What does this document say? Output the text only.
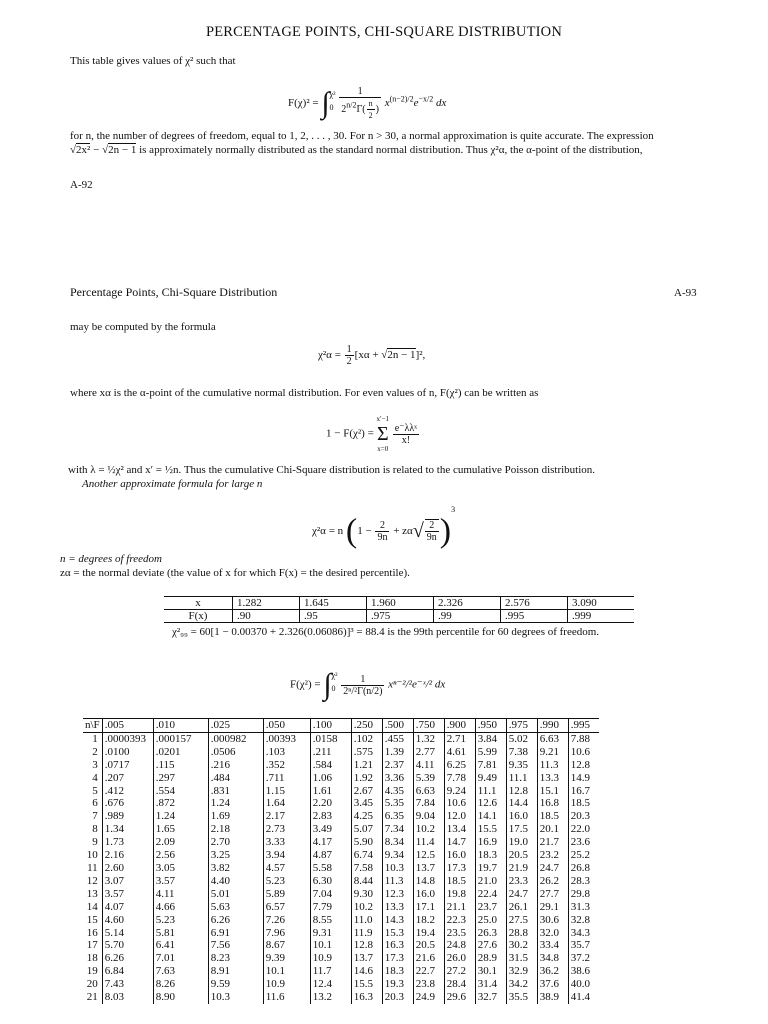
PERCENTAGE POINTS, CHI-SQUARE DISTRIBUTION
This table gives values of χ² such that
F(χ)² = ∫ χ²
0
$\frac{1}{2^{n/2}\Gamma( \frac{n}{2} )} x^{(n-2)/2}e^{-x/2}$ dx
for n, the number of degrees of freedom, equal to 1, 2, . . . , 30. For n > 30, a normal approximation is quite accurate. The expression
√2x² − √2n − 1 is approximately normally distributed as the standard normal distribution. Thus χ²α, the α-point of the distribution,
A-92
Percentage Points, Chi-Square Distribution	A-93
may be computed by the formula
$\chi^2\alpha = \frac{1}{2} [x\alpha + √2n - 1]^2$,
where xα is the α-point of the cumulative normal distribution. For even values of n, F(χ²) can be written as
1 − F(χ²) =
x′−1
Σ
x=0

$\frac{\text{e⁻λλˣ}}{x!}$
with λ = ½χ² and x′ = ½n. Thus the cumulative Chi-Square distribution is related to the cumulative Poisson distribution.
Another approximate formula for large n
χ²α = n $(1 - \frac{2}{9n} + z\alpha√ \frac{2}{9n} )^3$
n = degrees of freedom
zα = the normal deviate (the value of x for which F(x) = the desired percentile).
x	1.282	1.645	1.960	2.326	2.576	3.090
F(x)	.90	.95	.975	.99	.995	.999
χ²₉₉ = 60[1 − 0.00370 + 2.326(0.06086)]³ = 88.4 is the 99th percentile for 60 degrees of freedom.
F(χ²) = ∫ χ²
0
$\frac{1}{\text{2ⁿ/²Γ(n/2)}}$ xⁿ⁻²/²e⁻ˣ/² dx
n\F	.005	.010	.025	.050	.100	.250	.500	.750	.900	.950	.975	.990	.995
1	.0000393	.000157	.000982	.00393	.0158	.102	.455	1.32	2.71	3.84	5.02	6.63	7.88
2	.0100	.0201	.0506	.103	.211	.575	1.39	2.77	4.61	5.99	7.38	9.21	10.6
3	.0717	.115	.216	.352	.584	1.21	2.37	4.11	6.25	7.81	9.35	11.3	12.8
4	.207	.297	.484	.711	1.06	1.92	3.36	5.39	7.78	9.49	11.1	13.3	14.9
5	.412	.554	.831	1.15	1.61	2.67	4.35	6.63	9.24	11.1	12.8	15.1	16.7
6	.676	.872	1.24	1.64	2.20	3.45	5.35	7.84	10.6	12.6	14.4	16.8	18.5
7	.989	1.24	1.69	2.17	2.83	4.25	6.35	9.04	12.0	14.1	16.0	18.5	20.3
8	1.34	1.65	2.18	2.73	3.49	5.07	7.34	10.2	13.4	15.5	17.5	20.1	22.0
9	1.73	2.09	2.70	3.33	4.17	5.90	8.34	11.4	14.7	16.9	19.0	21.7	23.6
10	2.16	2.56	3.25	3.94	4.87	6.74	9.34	12.5	16.0	18.3	20.5	23.2	25.2
11	2.60	3.05	3.82	4.57	5.58	7.58	10.3	13.7	17.3	19.7	21.9	24.7	26.8
12	3.07	3.57	4.40	5.23	6.30	8.44	11.3	14.8	18.5	21.0	23.3	26.2	28.3
13	3.57	4.11	5.01	5.89	7.04	9.30	12.3	16.0	19.8	22.4	24.7	27.7	29.8
14	4.07	4.66	5.63	6.57	7.79	10.2	13.3	17.1	21.1	23.7	26.1	29.1	31.3
15	4.60	5.23	6.26	7.26	8.55	11.0	14.3	18.2	22.3	25.0	27.5	30.6	32.8
16	5.14	5.81	6.91	7.96	9.31	11.9	15.3	19.4	23.5	26.3	28.8	32.0	34.3
17	5.70	6.41	7.56	8.67	10.1	12.8	16.3	20.5	24.8	27.6	30.2	33.4	35.7
18	6.26	7.01	8.23	9.39	10.9	13.7	17.3	21.6	26.0	28.9	31.5	34.8	37.2
19	6.84	7.63	8.91	10.1	11.7	14.6	18.3	22.7	27.2	30.1	32.9	36.2	38.6
20	7.43	8.26	9.59	10.9	12.4	15.5	19.3	23.8	28.4	31.4	34.2	37.6	40.0
21	8.03	8.90	10.3	11.6	13.2	16.3	20.3	24.9	29.6	32.7	35.5	38.9	41.4
